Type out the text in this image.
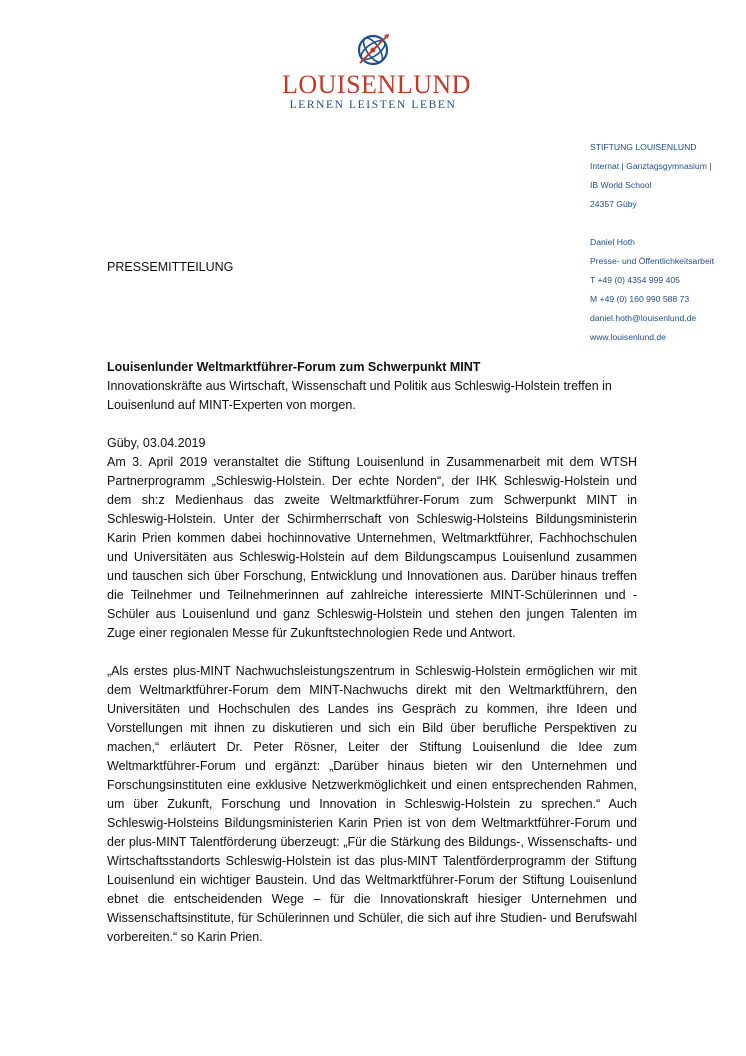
LOUISENLUND
LERNEN LEISTEN LEBEN
STIFTUNG LOUISENLUND
Internat | Ganztagsgymnasium |
IB World School
24357 Güby
Daniel Hoth
Presse- und Öffentlichkeitsarbeit
T +49 (0) 4354 999 405
M +49 (0) 160 990 588 73
daniel.hoth@louisenlund.de
www.louisenlund.de
PRESSEMITTEILUNG

Louisenlunder Weltmarktführer-Forum zum Schwerpunkt MINT

Innovationskräfte aus Wirtschaft, Wissenschaft und Politik aus Schleswig-Holstein treffen in Louisenlund auf MINT-Experten von morgen.

Güby, 03.04.2019

Am 3. April 2019 veranstaltet die Stiftung Louisenlund in Zusammenarbeit mit dem WTSH Partnerprogramm „Schleswig-Holstein. Der echte Norden“, der IHK Schleswig-Holstein und dem sh:z Medienhaus das zweite Weltmarktführer-Forum zum Schwerpunkt MINT in Schleswig-Holstein. Unter der Schirmherrschaft von Schleswig-Holsteins Bildungsministerin Karin Prien kommen dabei hochinnovative Unternehmen, Weltmarktführer, Fachhochschulen und Universitäten aus Schleswig-Holstein auf dem Bildungscampus Louisenlund zusammen und tauschen sich über Forschung, Entwicklung und Innovationen aus. Darüber hinaus treffen die Teilnehmer und Teilnehmerinnen auf zahlreiche interessierte MINT-Schülerinnen und -Schüler aus Louisenlund und ganz Schleswig-Holstein und stehen den jungen Talenten im Zuge einer regionalen Messe für Zukunftstechnologien Rede und Antwort.

„Als erstes plus-MINT Nachwuchsleistungszentrum in Schleswig-Holstein ermöglichen wir mit dem Weltmarktführer-Forum dem MINT-Nachwuchs direkt mit den Weltmarktführern, den Universitäten und Hochschulen des Landes ins Gespräch zu kommen, ihre Ideen und Vorstellungen mit ihnen zu diskutieren und sich ein Bild über berufliche Perspektiven zu machen,“ erläutert Dr. Peter Rösner, Leiter der Stiftung Louisenlund die Idee zum Weltmarktführer-Forum und ergänzt: „Darüber hinaus bieten wir den Unternehmen und Forschungsinstituten eine exklusive Netzwerkmöglichkeit und einen entsprechenden Rahmen, um über Zukunft, Forschung und Innovation in Schleswig-Holstein zu sprechen.“ Auch Schleswig-Holsteins Bildungsministerien Karin Prien ist von dem Weltmarktführer-Forum und der plus-MINT Talentförderung überzeugt: „Für die Stärkung des Bildungs-, Wissenschafts- und Wirtschaftsstandorts Schleswig-Holstein ist das plus-MINT Talentförderprogramm der Stiftung Louisenlund ein wichtiger Baustein. Und das Weltmarktführer-Forum der Stiftung Louisenlund ebnet die entscheidenden Wege – für die Innovationskraft hiesiger Unternehmen und Wissenschaftsinstitute, für Schülerinnen und Schüler, die sich auf ihre Studien- und Berufswahl vorbereiten.“ so Karin Prien.
